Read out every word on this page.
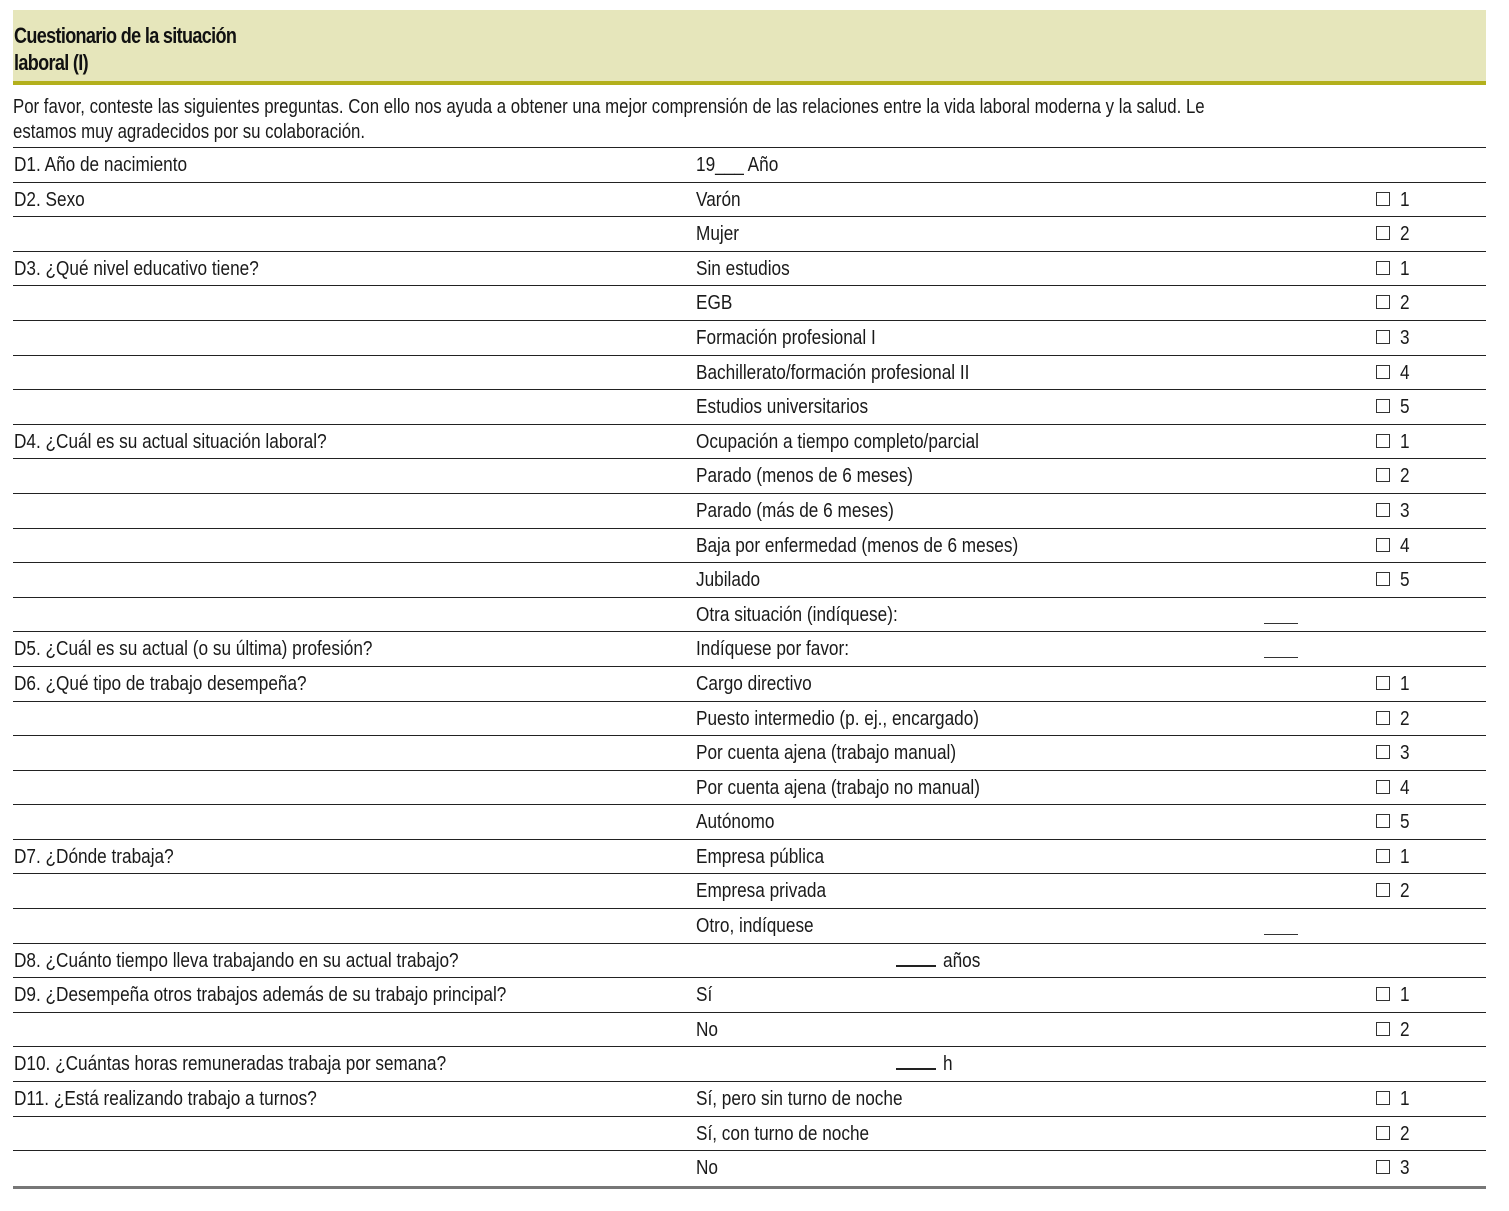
Cuestionario de la situación
laboral (I)
Por favor, conteste las siguientes preguntas. Con ello nos ayuda a obtener una mejor comprensión de las relaciones entre la vida laboral moderna y la salud. Le
estamos muy agradecidos por su colaboración.
D1. Año de nacimiento	19___ Año
D2. Sexo	Varón	1
Mujer	2
D3. ¿Qué nivel educativo tiene?	Sin estudios	1
EGB	2
Formación profesional I	3
Bachillerato/formación profesional II	4
Estudios universitarios	5
D4. ¿Cuál es su actual situación laboral?	Ocupación a tiempo completo/parcial	1
Parado (menos de 6 meses)	2
Parado (más de 6 meses)	3
Baja por enfermedad (menos de 6 meses)	4
Jubilado	5
Otra situación (indíquese):
D5. ¿Cuál es su actual (o su última) profesión?	Indíquese por favor:
D6. ¿Qué tipo de trabajo desempeña?	Cargo directivo	1
Puesto intermedio (p. ej., encargado)	2
Por cuenta ajena (trabajo manual)	3
Por cuenta ajena (trabajo no manual)	4
Autónomo	5
D7. ¿Dónde trabaja?	Empresa pública	1
Empresa privada	2
Otro, indíquese
D8. ¿Cuánto tiempo lleva trabajando en su actual trabajo?	años
D9. ¿Desempeña otros trabajos además de su trabajo principal?	Sí	1
No	2
D10. ¿Cuántas horas remuneradas trabaja por semana?	h
D11. ¿Está realizando trabajo a turnos?	Sí, pero sin turno de noche	1
Sí, con turno de noche	2
No	3
